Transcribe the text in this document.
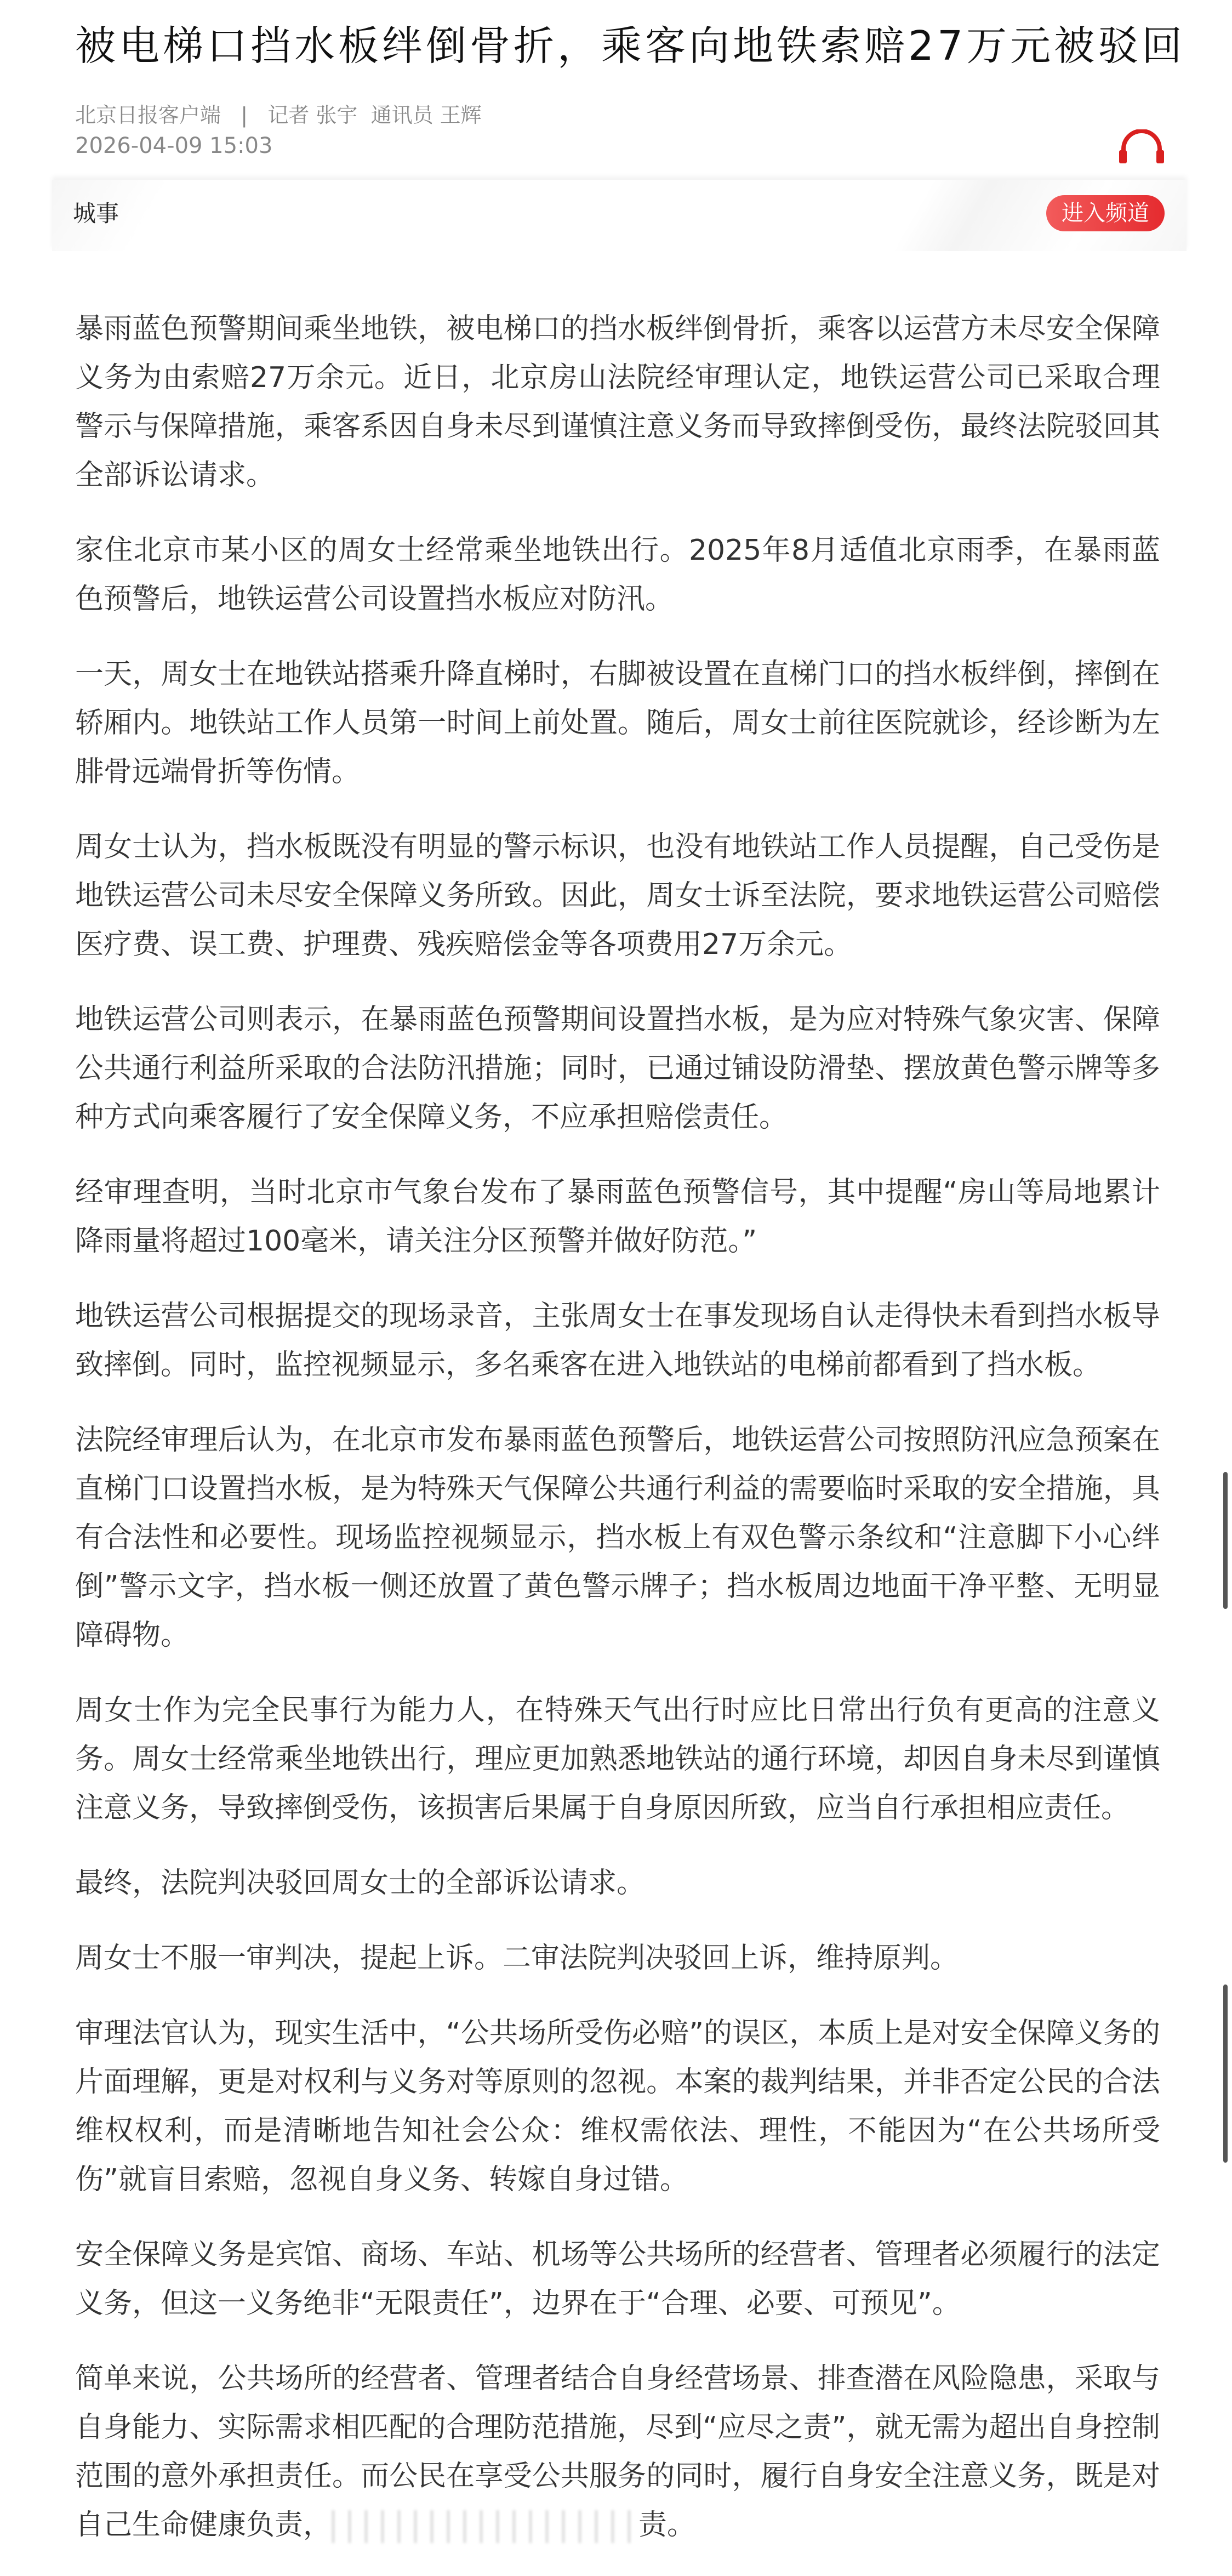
被电梯口挡水板绊倒骨折，乘客向地铁索赔27万元被驳回
北京日报客户端 | 记者 张宇  通讯员 王辉
2026-04-09 15:03
城事	进入频道

暴雨蓝色预警期间乘坐地铁，被电梯口的挡水板绊倒骨折，乘客以运营方未尽安全保障义务为由索赔27万余元。近日，北京房山法院经审理认定，地铁运营公司已采取合理警示与保障措施，乘客系因自身未尽到谨慎注意义务而导致摔倒受伤，最终法院驳回其全部诉讼请求。

家住北京市某小区的周女士经常乘坐地铁出行。2025年8月适值北京雨季，在暴雨蓝色预警后，地铁运营公司设置挡水板应对防汛。

一天，周女士在地铁站搭乘升降直梯时，右脚被设置在直梯门口的挡水板绊倒，摔倒在轿厢内。地铁站工作人员第一时间上前处置。随后，周女士前往医院就诊，经诊断为左腓骨远端骨折等伤情。

周女士认为，挡水板既没有明显的警示标识，也没有地铁站工作人员提醒，自己受伤是地铁运营公司未尽安全保障义务所致。因此，周女士诉至法院，要求地铁运营公司赔偿医疗费、误工费、护理费、残疾赔偿金等各项费用27万余元。

地铁运营公司则表示，在暴雨蓝色预警期间设置挡水板，是为应对特殊气象灾害、保障公共通行利益所采取的合法防汛措施；同时，已通过铺设防滑垫、摆放黄色警示牌等多种方式向乘客履行了安全保障义务，不应承担赔偿责任。

经审理查明，当时北京市气象台发布了暴雨蓝色预警信号，其中提醒“房山等局地累计降雨量将超过100毫米，请关注分区预警并做好防范。”

地铁运营公司根据提交的现场录音，主张周女士在事发现场自认走得快未看到挡水板导致摔倒。同时，监控视频显示，多名乘客在进入地铁站的电梯前都看到了挡水板。

法院经审理后认为，在北京市发布暴雨蓝色预警后，地铁运营公司按照防汛应急预案在直梯门口设置挡水板，是为特殊天气保障公共通行利益的需要临时采取的安全措施，具有合法性和必要性。现场监控视频显示，挡水板上有双色警示条纹和“注意脚下小心绊倒”警示文字，挡水板一侧还放置了黄色警示牌子；挡水板周边地面干净平整、无明显障碍物。

周女士作为完全民事行为能力人，在特殊天气出行时应比日常出行负有更高的注意义务。周女士经常乘坐地铁出行，理应更加熟悉地铁站的通行环境，却因自身未尽到谨慎注意义务，导致摔倒受伤，该损害后果属于自身原因所致，应当自行承担相应责任。

最终，法院判决驳回周女士的全部诉讼请求。

周女士不服一审判决，提起上诉。二审法院判决驳回上诉，维持原判。

审理法官认为，现实生活中，“公共场所受伤必赔”的误区，本质上是对安全保障义务的片面理解，更是对权利与义务对等原则的忽视。本案的裁判结果，并非否定公民的合法维权权利，而是清晰地告知社会公众：维权需依法、理性，不能因为“在公共场所受伤”就盲目索赔，忽视自身义务、转嫁自身过错。

安全保障义务是宾馆、商场、车站、机场等公共场所的经营者、管理者必须履行的法定义务，但这一义务绝非“无限责任”，边界在于“合理、必要、可预见”。

简单来说，公共场所的经营者、管理者结合自身经营场景、排查潜在风险隐患，采取与自身能力、实际需求相匹配的合理防范措施，尽到“应尽之责”，就无需为超出自身控制范围的意外承担责任。而公民在享受公共服务的同时，履行自身安全注意义务，既是对自己生命健康负责，	责。
